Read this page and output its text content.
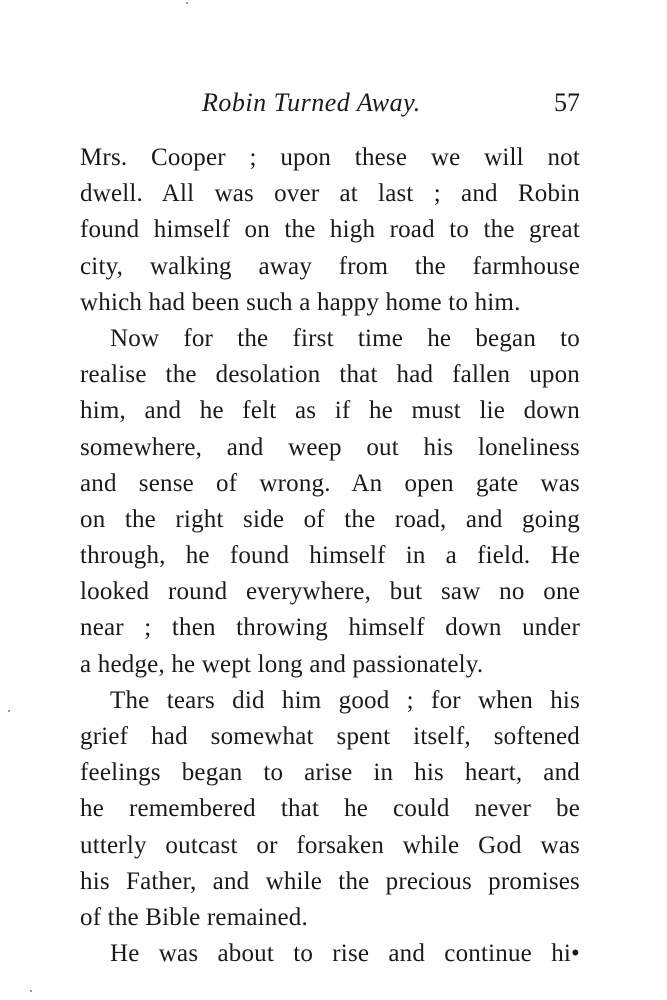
Robin Turned Away.	57
Mrs. Cooper ; upon these we will not
dwell. All was over at last ; and Robin
found himself on the high road to the great
city, walking away from the farmhouse
which had been such a happy home to him.
Now for the first time he began to
realise the desolation that had fallen upon
him, and he felt as if he must lie down
somewhere, and weep out his loneliness
and sense of wrong. An open gate was
on the right side of the road, and going
through, he found himself in a field. He
looked round everywhere, but saw no one
near ; then throwing himself down under
a hedge, he wept long and passionately.
The tears did him good ; for when his
grief had somewhat spent itself, softened
feelings began to arise in his heart, and
he remembered that he could never be
utterly outcast or forsaken while God was
his Father, and while the precious promises
of the Bible remained.
He was about to rise and continue hi•
